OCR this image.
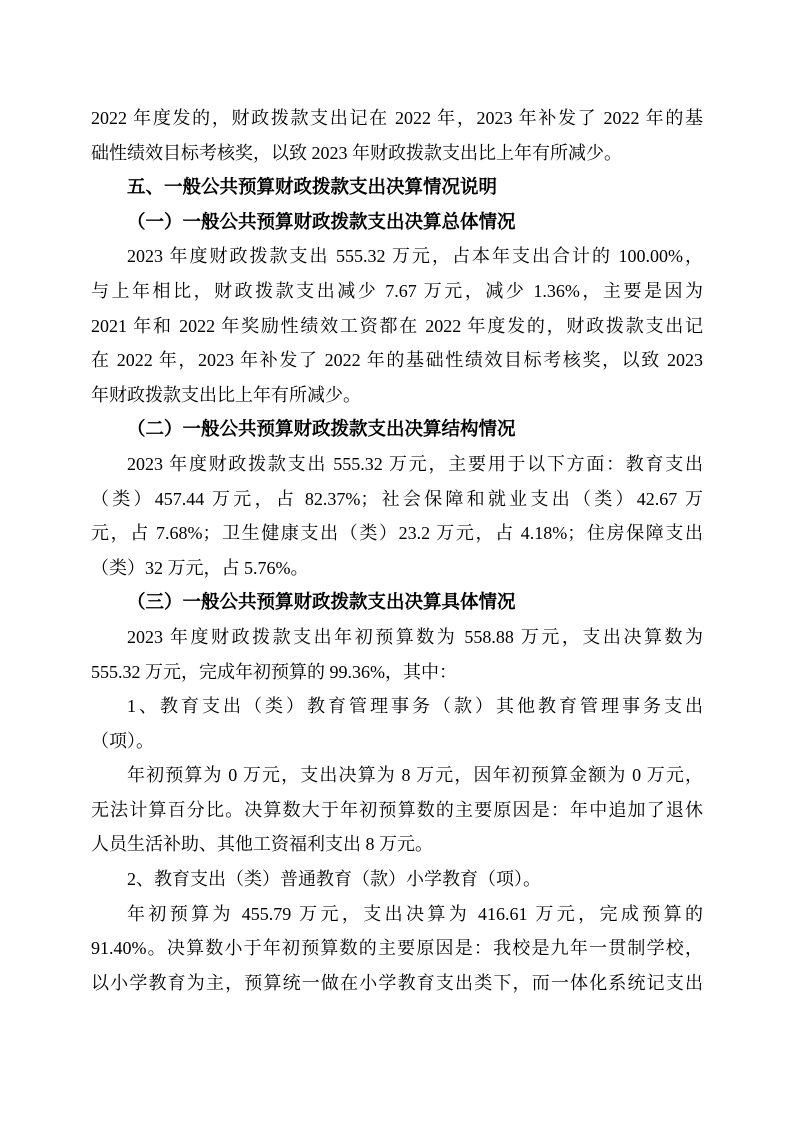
2022 年度发的，财政拨款支出记在 2022 年，2023 年补发了 2022 年的基
础性绩效目标考核奖，以致 2023 年财政拨款支出比上年有所减少。
五、一般公共预算财政拨款支出决算情况说明
（一）一般公共预算财政拨款支出决算总体情况
2023 年度财政拨款支出 555.32 万元，占本年支出合计的 100.00%，
与上年相比，财政拨款支出减少 7.67 万元，减少 1.36%，主要是因为
2021 年和 2022 年奖励性绩效工资都在 2022 年度发的，财政拨款支出记
在 2022 年，2023 年补发了 2022 年的基础性绩效目标考核奖，以致 2023
年财政拨款支出比上年有所减少。
（二）一般公共预算财政拨款支出决算结构情况
2023 年度财政拨款支出 555.32 万元，主要用于以下方面：教育支出
（类）457.44 万元，占 82.37%；社会保障和就业支出（类）42.67 万
元，占 7.68%；卫生健康支出（类）23.2 万元，占 4.18%；住房保障支出
（类）32 万元，占 5.76%。
（三）一般公共预算财政拨款支出决算具体情况
2023 年度财政拨款支出年初预算数为 558.88 万元，支出决算数为
555.32 万元，完成年初预算的 99.36%，其中：
1、教育支出（类）教育管理事务（款）其他教育管理事务支出
（项）。
年初预算为 0 万元，支出决算为 8 万元，因年初预算金额为 0 万元，
无法计算百分比。决算数大于年初预算数的主要原因是：年中追加了退休
人员生活补助、其他工资福利支出 8 万元。
2、教育支出（类）普通教育（款）小学教育（项）。
年初预算为 455.79 万元，支出决算为 416.61 万元，完成预算的
91.40%。决算数小于年初预算数的主要原因是：我校是九年一贯制学校，
以小学教育为主，预算统一做在小学教育支出类下，而一体化系统记支出
